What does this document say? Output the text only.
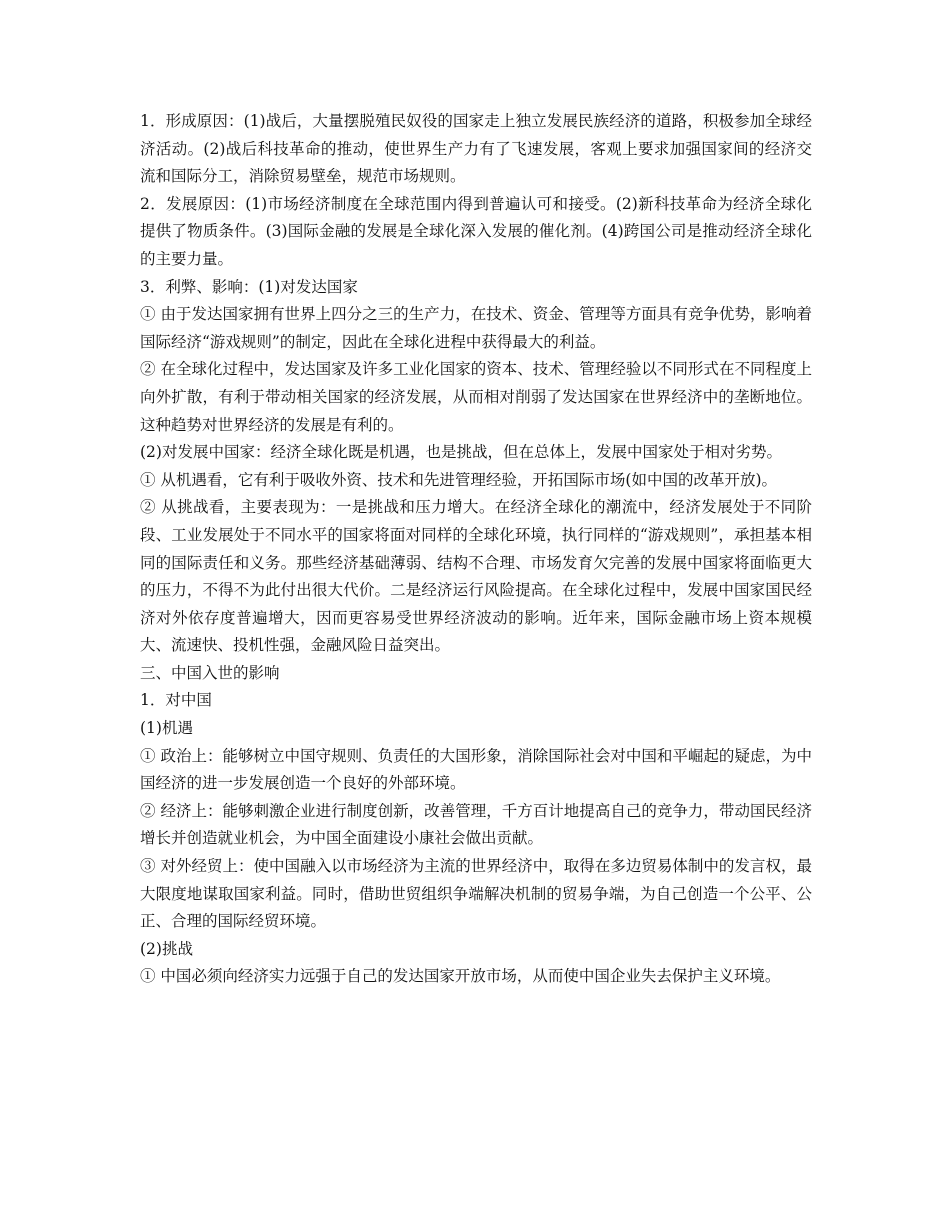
1．形成原因：(1)战后，大量摆脱殖民奴役的国家走上独立发展民族经济的道路，积极参加全球经济活动。(2)战后科技革命的推动，使世界生产力有了飞速发展，客观上要求加强国家间的经济交流和国际分工，消除贸易壁垒，规范市场规则。

2．发展原因：(1)市场经济制度在全球范围内得到普遍认可和接受。(2)新科技革命为经济全球化提供了物质条件。(3)国际金融的发展是全球化深入发展的催化剂。(4)跨国公司是推动经济全球化的主要力量。

3．利弊、影响：(1)对发达国家

① 由于发达国家拥有世界上四分之三的生产力，在技术、资金、管理等方面具有竞争优势，影响着国际经济“游戏规则”的制定，因此在全球化进程中获得最大的利益。

② 在全球化过程中，发达国家及许多工业化国家的资本、技术、管理经验以不同形式在不同程度上向外扩散，有利于带动相关国家的经济发展，从而相对削弱了发达国家在世界经济中的垄断地位。这种趋势对世界经济的发展是有利的。

(2)对发展中国家：经济全球化既是机遇，也是挑战，但在总体上，发展中国家处于相对劣势。

① 从机遇看，它有利于吸收外资、技术和先进管理经验，开拓国际市场(如中国的改革开放)。

② 从挑战看，主要表现为：一是挑战和压力增大。在经济全球化的潮流中，经济发展处于不同阶段、工业发展处于不同水平的国家将面对同样的全球化环境，执行同样的“游戏规则”，承担基本相同的国际责任和义务。那些经济基础薄弱、结构不合理、市场发育欠完善的发展中国家将面临更大的压力，不得不为此付出很大代价。二是经济运行风险提高。在全球化过程中，发展中国家国民经济对外依存度普遍增大，因而更容易受世界经济波动的影响。近年来，国际金融市场上资本规模大、流速快、投机性强，金融风险日益突出。

三、中国入世的影响

1．对中国

(1)机遇

① 政治上：能够树立中国守规则、负责任的大国形象，消除国际社会对中国和平崛起的疑虑，为中国经济的进一步发展创造一个良好的外部环境。

② 经济上：能够刺激企业进行制度创新，改善管理，千方百计地提高自己的竞争力，带动国民经济增长并创造就业机会，为中国全面建设小康社会做出贡献。

③ 对外经贸上：使中国融入以市场经济为主流的世界经济中，取得在多边贸易体制中的发言权，最大限度地谋取国家利益。同时，借助世贸组织争端解决机制的贸易争端，为自己创造一个公平、公正、合理的国际经贸环境。

(2)挑战

① 中国必须向经济实力远强于自己的发达国家开放市场，从而使中国企业失去保护主义环境。
